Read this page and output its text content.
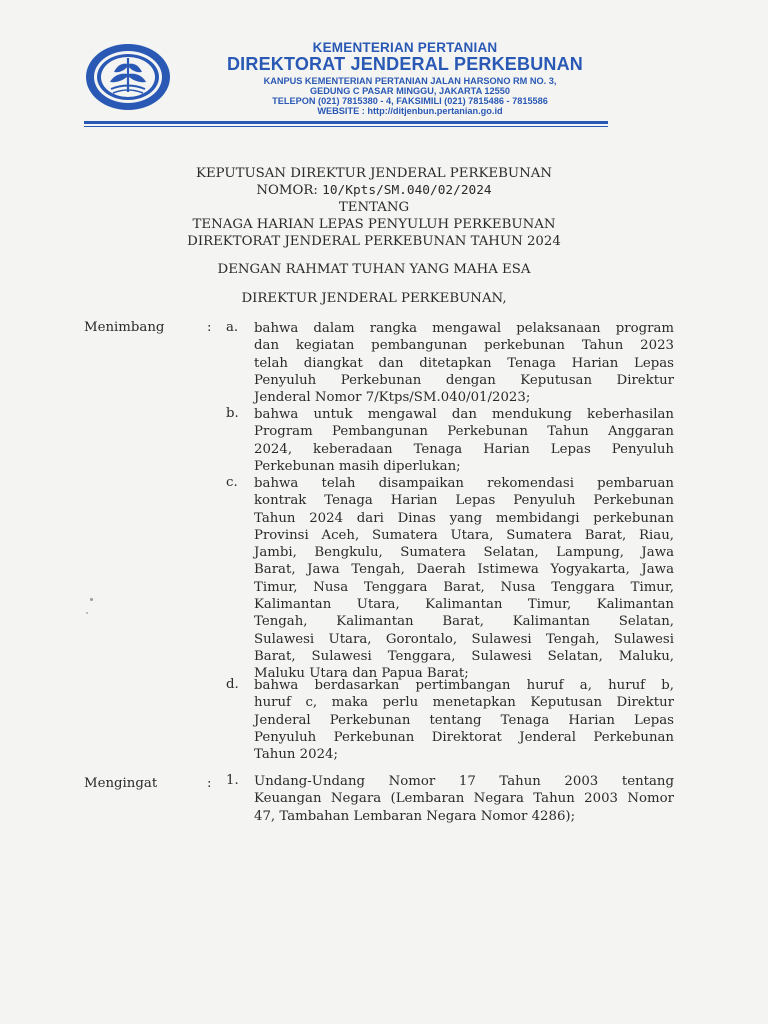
KEMENTERIAN PERTANIAN
DIREKTORAT JENDERAL PERKEBUNAN
KANPUS KEMENTERIAN PERTANIAN JALAN HARSONO RM NO. 3,
GEDUNG C PASAR MINGGU, JAKARTA 12550
TELEPON (021) 7815380 - 4, FAKSIMILI (021) 7815486 - 7815586
WEBSITE : http://ditjenbun.pertanian.go.id
KEPUTUSAN DIREKTUR JENDERAL PERKEBUNAN
NOMOR: 10/Kpts/SM.040/02/2024
TENTANG
TENAGA HARIAN LEPAS PENYULUH PERKEBUNAN
DIREKTORAT JENDERAL PERKEBUNAN TAHUN 2024
DENGAN RAHMAT TUHAN YANG MAHA ESA
DIREKTUR JENDERAL PERKEBUNAN,
Menimbang	: a. bahwa dalam rangka mengawal pelaksanaan program
dan kegiatan pembangunan perkebunan Tahun 2023
telah diangkat dan ditetapkan Tenaga Harian Lepas
Penyuluh Perkebunan dengan Keputusan Direktur
Jenderal Nomor 7/Ktps/SM.040/01/2023;
b. bahwa untuk mengawal dan mendukung keberhasilan
Program Pembangunan Perkebunan Tahun Anggaran
2024, keberadaan Tenaga Harian Lepas Penyuluh
Perkebunan masih diperlukan;
c. bahwa telah disampaikan rekomendasi pembaruan
kontrak Tenaga Harian Lepas Penyuluh Perkebunan
Tahun 2024 dari Dinas yang membidangi perkebunan
Provinsi Aceh, Sumatera Utara, Sumatera Barat, Riau,
Jambi, Bengkulu, Sumatera Selatan, Lampung, Jawa
Barat, Jawa Tengah, Daerah Istimewa Yogyakarta, Jawa
Timur, Nusa Tenggara Barat, Nusa Tenggara Timur,
Kalimantan Utara, Kalimantan Timur, Kalimantan
Tengah, Kalimantan Barat, Kalimantan Selatan,
Sulawesi Utara, Gorontalo, Sulawesi Tengah, Sulawesi
Barat, Sulawesi Tenggara, Sulawesi Selatan, Maluku,
Maluku Utara dan Papua Barat;
d. bahwa berdasarkan pertimbangan huruf a, huruf b,
huruf c, maka perlu menetapkan Keputusan Direktur
Jenderal Perkebunan tentang Tenaga Harian Lepas
Penyuluh Perkebunan Direktorat Jenderal Perkebunan
Tahun 2024;
Mengingat	: 1. Undang-Undang Nomor 17 Tahun 2003 tentang
Keuangan Negara (Lembaran Negara Tahun 2003 Nomor
47, Tambahan Lembaran Negara Nomor 4286);
